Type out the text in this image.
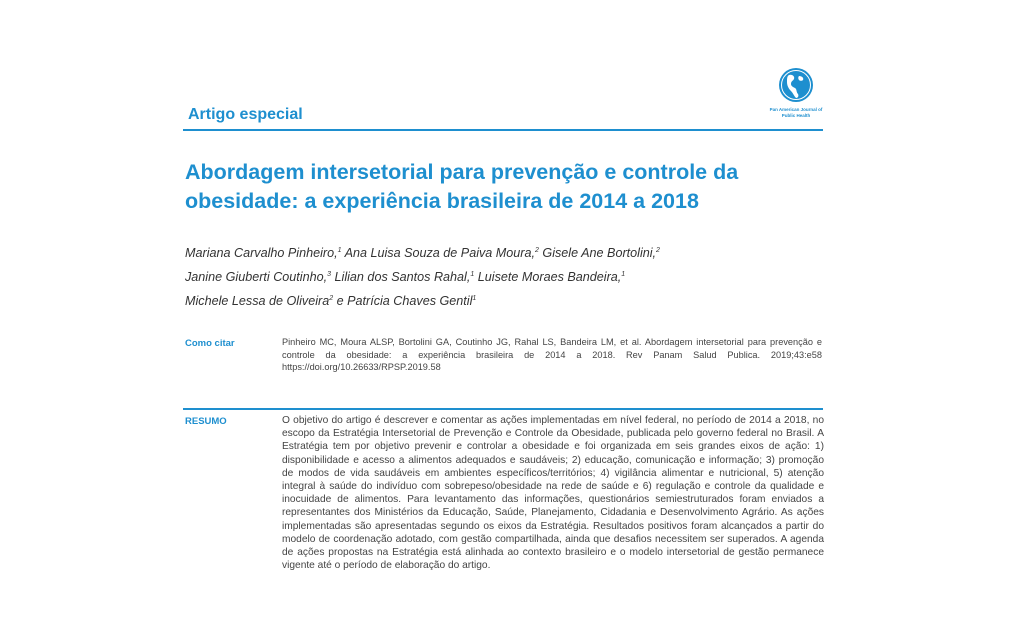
Pan American Journal of Public Health
Artigo especial
Abordagem intersetorial para prevenção e controle da obesidade: a experiência brasileira de 2014 a 2018
Mariana Carvalho Pinheiro,$^1$ Ana Luisa Souza de Paiva Moura,$^2$ Gisele Ane Bortolini,$^2$
Janine Giuberti Coutinho,$^3$ Lilian dos Santos Rahal,$^1$ Luisete Moraes Bandeira,$^1$
Michele Lessa de Oliveira$^2$ e Patrícia Chaves Gentil$^1$
Como citar	Pinheiro MC, Moura ALSP, Bortolini GA, Coutinho JG, Rahal LS, Bandeira LM, et al. Abordagem intersetorial para prevenção e controle da obesidade: a experiência brasileira de 2014 a 2018. Rev Panam Salud Publica. 2019;43:e58 https://doi.org/10.26633/RPSP.2019.58
RESUMO	O objetivo do artigo é descrever e comentar as ações implementadas em nível federal, no período de 2014 a 2018, no escopo da Estratégia Intersetorial de Prevenção e Controle da Obesidade, publicada pelo governo federal no Brasil. A Estratégia tem por objetivo prevenir e controlar a obesidade e foi organizada em seis grandes eixos de ação: 1) disponibilidade e acesso a alimentos adequados e saudáveis; 2) educação, comunicação e informação; 3) promoção de modos de vida saudáveis em ambientes específicos/territórios; 4) vigilância alimentar e nutricional, 5) atenção integral à saúde do indivíduo com sobrepeso/obesidade na rede de saúde e 6) regulação e controle da qualidade e inocuidade de alimentos. Para levantamento das informações, questionários semiestruturados foram enviados a representantes dos Ministérios da Educação, Saúde, Planejamento, Cidadania e Desenvolvimento Agrário. As ações implementadas são apresentadas segundo os eixos da Estratégia. Resultados positivos foram alcançados a partir do modelo de coordenação adotado, com gestão compartilhada, ainda que desafios necessitem ser superados. A agenda de ações propostas na Estratégia está alinhada ao contexto brasileiro e o modelo intersetorial de gestão permanece vigente até o período de elaboração do artigo.
